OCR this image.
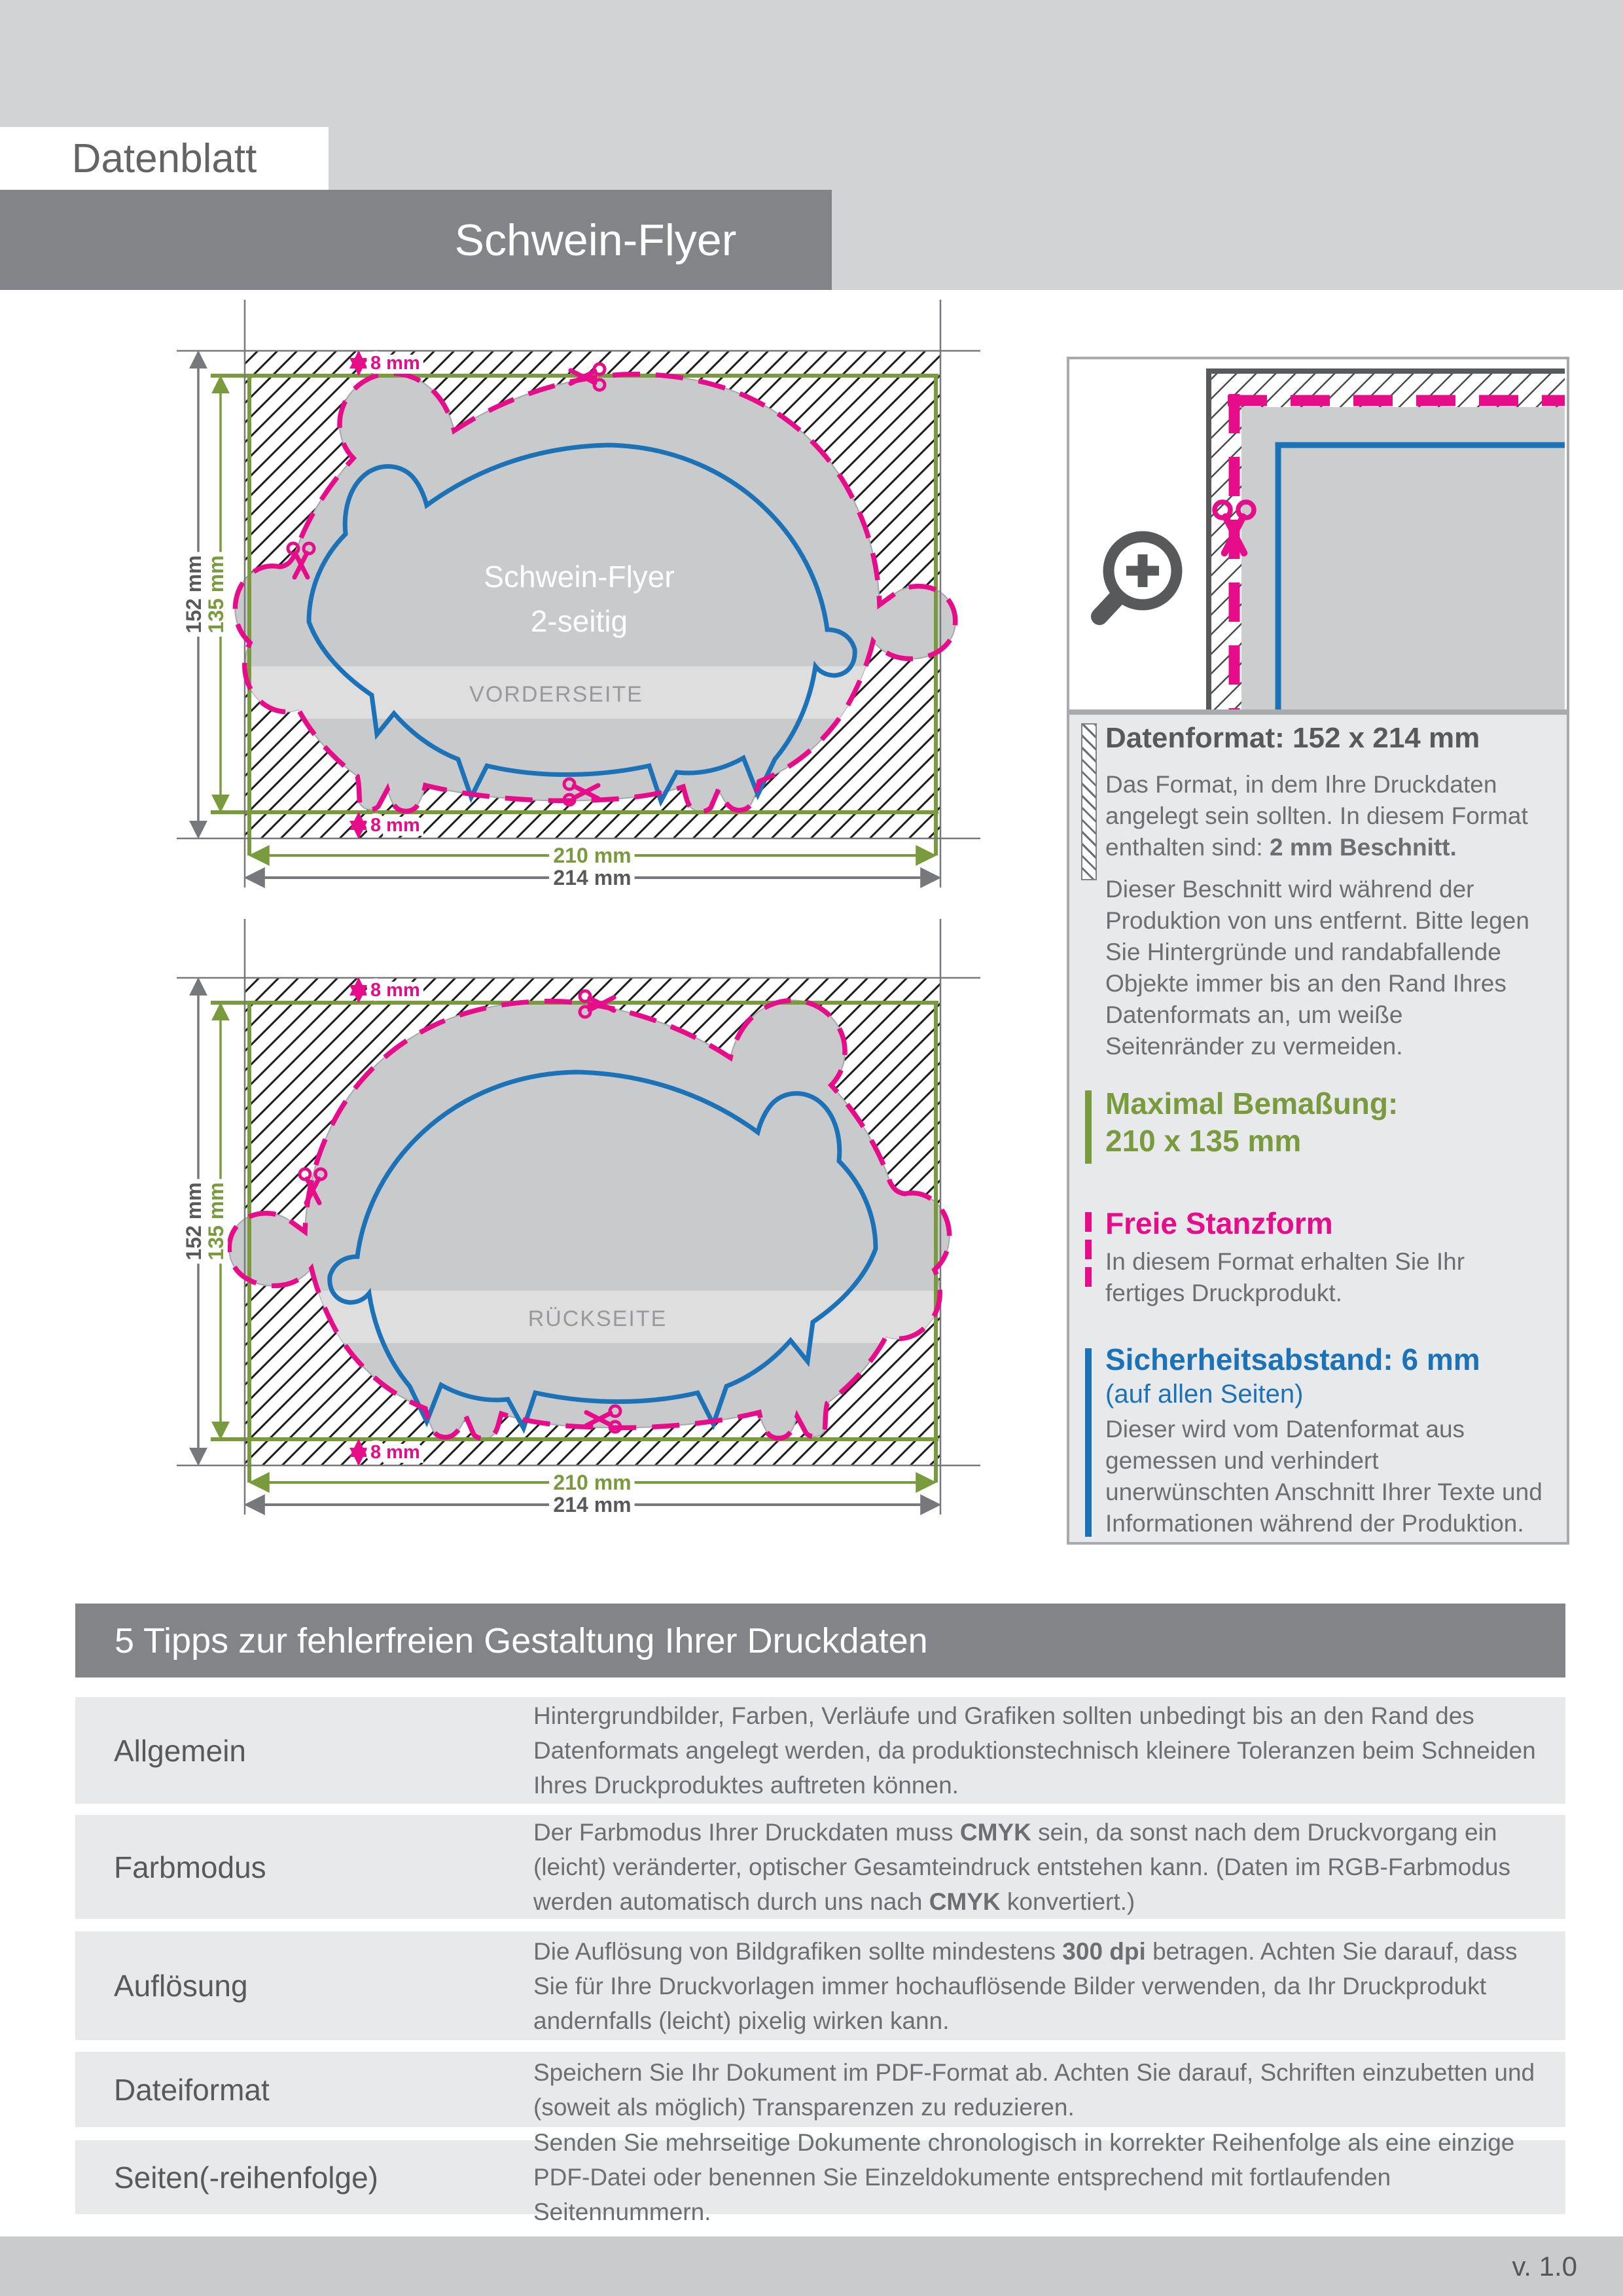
Datenblatt
Schwein-Flyer
Schwein-Flyer
2-seitig
VORDERSEITE
152 mm
135 mm
210 mm
214 mm
8 mm
8 mm
RÜCKSEITE
152 mm
135 mm
210 mm
214 mm
8 mm
8 mm
Datenformat: 152 x 214 mm
Das Format, in dem Ihre Druckdaten angelegt sein sollten. In diesem Format enthalten sind: 2 mm Beschnitt.
Dieser Beschnitt wird während der Produktion von uns entfernt. Bitte legen Sie Hintergründe und randabfallende Objekte immer bis an den Rand Ihres Datenformats an, um weiße Seitenränder zu vermeiden.
Maximal Bemaßung:
210 x 135 mm
Freie Stanzform
In diesem Format erhalten Sie Ihr fertiges Druckprodukt.
Sicherheitsabstand: 6 mm
(auf allen Seiten)
Dieser wird vom Datenformat aus gemessen und verhindert unerwünschten Anschnitt Ihrer Texte und Informationen während der Produktion.
5 Tipps zur fehlerfreien Gestaltung Ihrer Druckdaten
Allgemein
Hintergrundbilder, Farben, Verläufe und Grafiken sollten unbedingt bis an den Rand des Datenformats angelegt werden, da produktionstechnisch kleinere Toleranzen beim Schneiden Ihres Druckproduktes auftreten können.
Farbmodus
Der Farbmodus Ihrer Druckdaten muss CMYK sein, da sonst nach dem Druckvorgang ein (leicht) veränderter, optischer Gesamteindruck entstehen kann. (Daten im RGB-Farbmodus werden automatisch durch uns nach CMYK konvertiert.)
Auflösung
Die Auflösung von Bildgrafiken sollte mindestens 300 dpi betragen. Achten Sie darauf, dass Sie für Ihre Druckvorlagen immer hochauflösende Bilder verwenden, da Ihr Druckprodukt andernfalls (leicht) pixelig wirken kann.
Dateiformat
Speichern Sie Ihr Dokument im PDF-Format ab. Achten Sie darauf, Schriften einzubetten und (soweit als möglich) Transparenzen zu reduzieren.
Seiten(-reihenfolge)
Senden Sie mehrseitige Dokumente chronologisch in korrekter Reihenfolge als eine einzige PDF-Datei oder benennen Sie Einzeldokumente entsprechend mit fortlaufenden Seitennummern.
v. 1.0
